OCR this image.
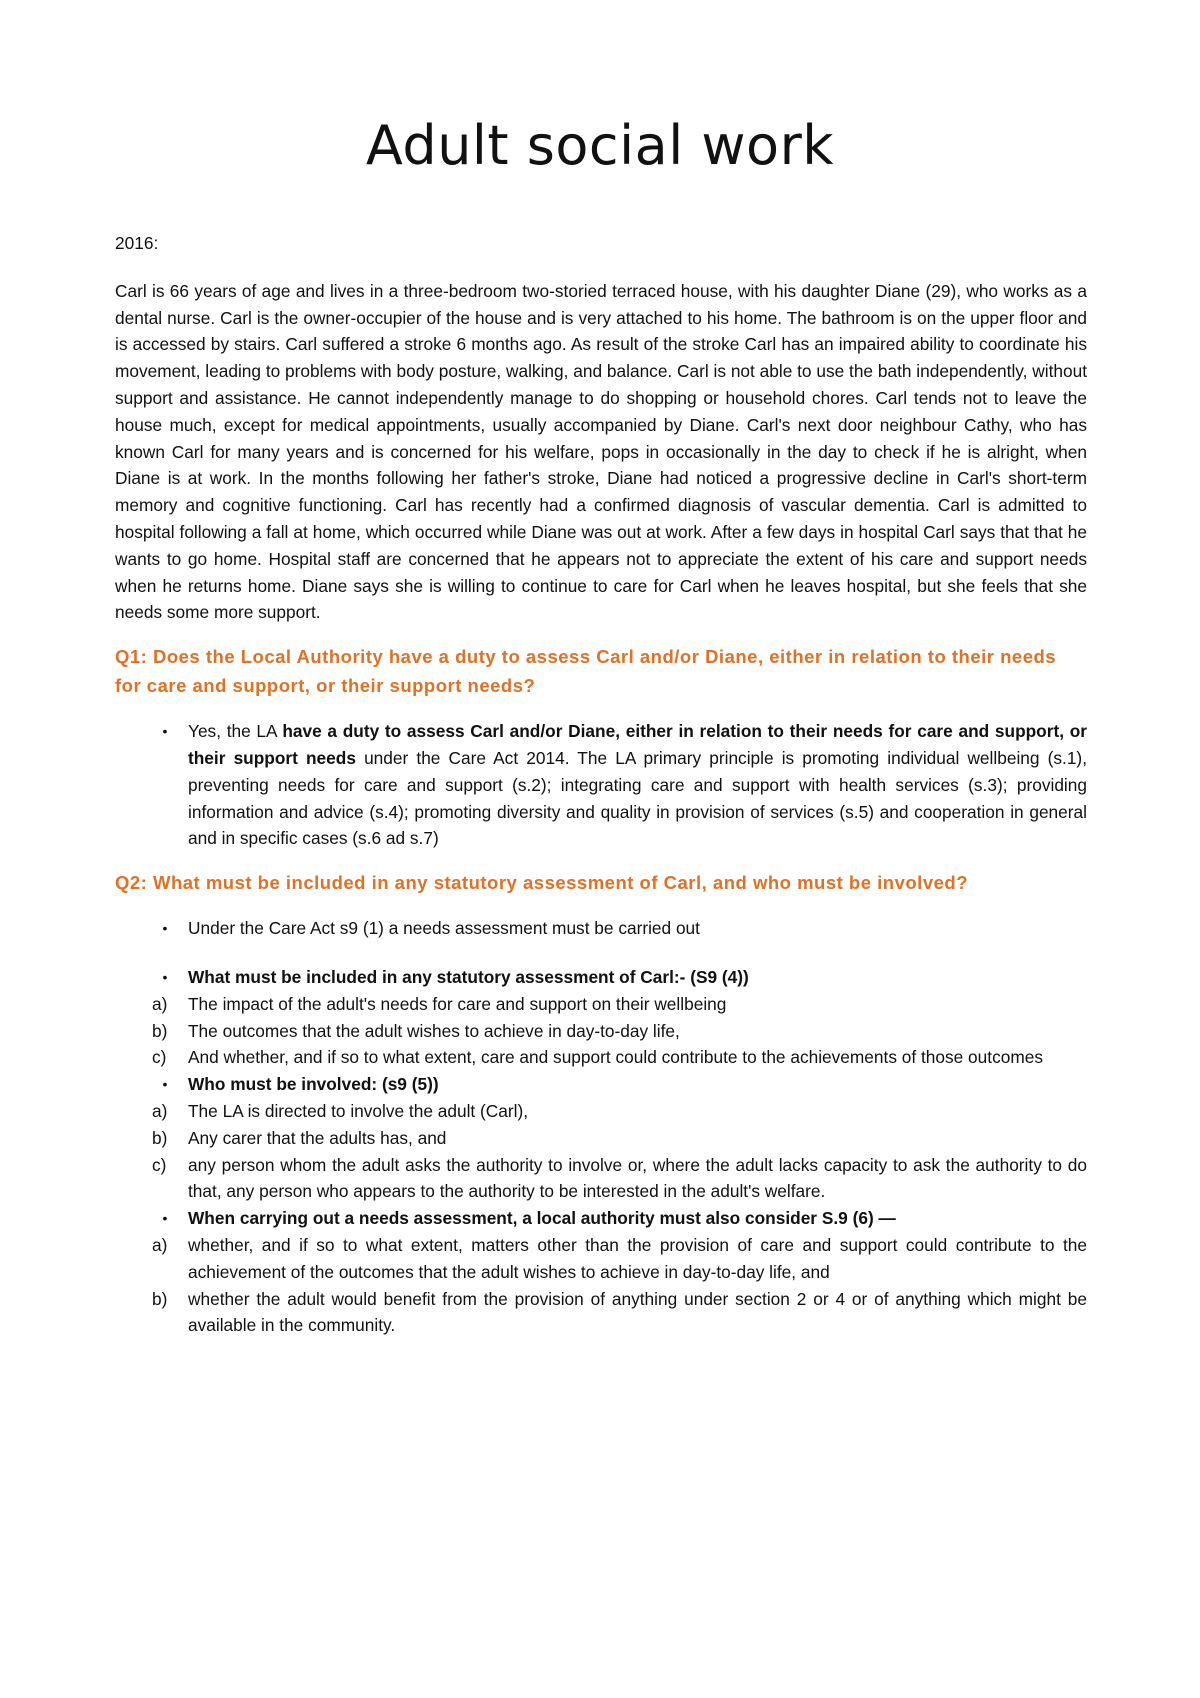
Adult social work

2016:

Carl is 66 years of age and lives in a three-bedroom two-storied terraced house, with his daughter Diane (29), who works as a dental nurse. Carl is the owner-occupier of the house and is very attached to his home. The bathroom is on the upper floor and is accessed by stairs. Carl suffered a stroke 6 months ago. As result of the stroke Carl has an impaired ability to coordinate his movement, leading to problems with body posture, walking, and balance. Carl is not able to use the bath independently, without support and assistance. He cannot independently manage to do shopping or household chores. Carl tends not to leave the house much, except for medical appointments, usually accompanied by Diane. Carl's next door neighbour Cathy, who has known Carl for many years and is concerned for his welfare, pops in occasionally in the day to check if he is alright, when Diane is at work. In the months following her father's stroke, Diane had noticed a progressive decline in Carl's short-term memory and cognitive functioning. Carl has recently had a confirmed diagnosis of vascular dementia. Carl is admitted to hospital following a fall at home, which occurred while Diane was out at work. After a few days in hospital Carl says that that he wants to go home. Hospital staff are concerned that he appears not to appreciate the extent of his care and support needs when he returns home. Diane says she is willing to continue to care for Carl when he leaves hospital, but she feels that she needs some more support.

Q1: Does the Local Authority have a duty to assess Carl and/or Diane, either in relation to their needs for care and support, or their support needs?
•	Yes, the LA have a duty to assess Carl and/or Diane, either in relation to their needs for care and support, or their support needs under the Care Act 2014. The LA primary principle is promoting individual wellbeing (s.1), preventing needs for care and support (s.2); integrating care and support with health services (s.3); providing information and advice (s.4); promoting diversity and quality in provision of services (s.5) and cooperation in general and in specific cases (s.6 ad s.7)
Q2: What must be included in any statutory assessment of Carl, and who must be involved?
•	Under the Care Act s9 (1) a needs assessment must be carried out
•	What must be included in any statutory assessment of Carl:- (S9 (4))
a) The impact of the adult's needs for care and support on their wellbeing
b) The outcomes that the adult wishes to achieve in day-to-day life,
c) And whether, and if so to what extent, care and support could contribute to the achievements of those outcomes
•	Who must be involved: (s9 (5))
a) The LA is directed to involve the adult (Carl),
b) Any carer that the adults has, and
c) any person whom the adult asks the authority to involve or, where the adult lacks capacity to ask the authority to do that, any person who appears to the authority to be interested in the adult's welfare.
•	When carrying out a needs assessment, a local authority must also consider S.9 (6) —
a) whether, and if so to what extent, matters other than the provision of care and support could contribute to the achievement of the outcomes that the adult wishes to achieve in day-to-day life, and
b) whether the adult would benefit from the provision of anything under section 2 or 4 or of anything which might be available in the community.
